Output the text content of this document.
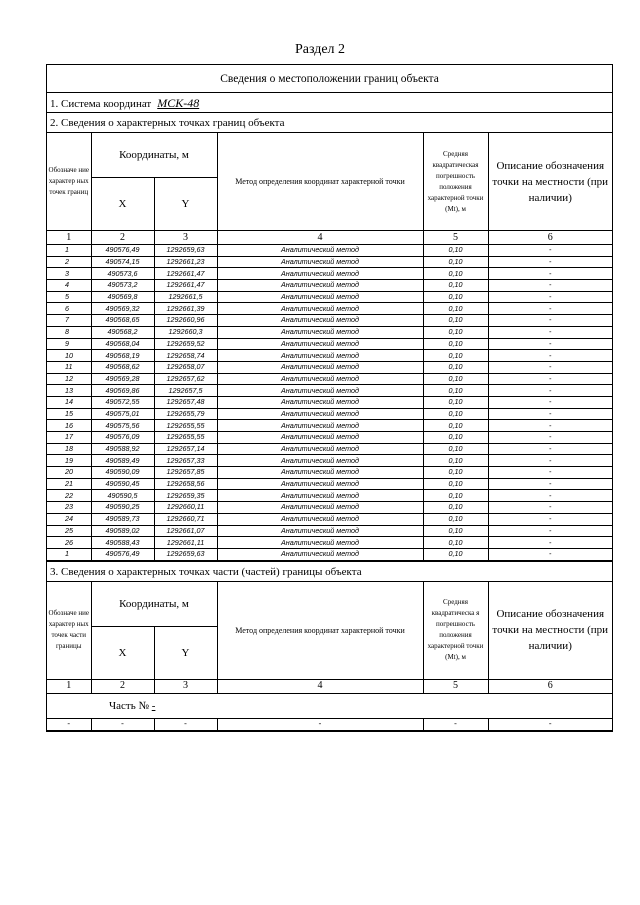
Раздел 2
Сведения о местоположении границ объекта
1. Система координат МСК-48
2. Сведения о характерных точках границ объекта
Обозначе ние характер ных точек границ	Координаты, м		Метод определения координат характерной точки	Средняя квадратическая погрешность положения характерной точки (Mt), м	Описание обозначения точки на местности (при наличии)
	X	Y			
1	2	3	4	5	6
1	490576,49	1292659,63	Аналитический метод	0,10	-
2	490574,15	1292661,23	Аналитический метод	0,10	-
3	490573,6	1292661,47	Аналитический метод	0,10	-
4	490573,2	1292661,47	Аналитический метод	0,10	-
5	490569,8	1292661,5	Аналитический метод	0,10	-
6	490569,32	1292661,39	Аналитический метод	0,10	-
7	490568,65	1292660,96	Аналитический метод	0,10	-
8	490568,2	1292660,3	Аналитический метод	0,10	-
9	490568,04	1292659,52	Аналитический метод	0,10	-
10	490568,19	1292658,74	Аналитический метод	0,10	-
11	490568,62	1292658,07	Аналитический метод	0,10	-
12	490569,28	1292657,62	Аналитический метод	0,10	-
13	490569,86	1292657,5	Аналитический метод	0,10	-
14	490572,55	1292657,48	Аналитический метод	0,10	-
15	490575,01	1292655,79	Аналитический метод	0,10	-
16	490575,56	1292655,55	Аналитический метод	0,10	-
17	490576,09	1292655,55	Аналитический метод	0,10	-
18	490588,92	1292657,14	Аналитический метод	0,10	-
19	490589,49	1292657,33	Аналитический метод	0,10	-
20	490590,09	1292657,85	Аналитический метод	0,10	-
21	490590,45	1292658,56	Аналитический метод	0,10	-
22	490590,5	1292659,35	Аналитический метод	0,10	-
23	490590,25	1292660,11	Аналитический метод	0,10	-
24	490589,73	1292660,71	Аналитический метод	0,10	-
25	490589,02	1292661,07	Аналитический метод	0,10	-
26	490588,43	1292661,11	Аналитический метод	0,10	-
1	490576,49	1292659,63	Аналитический метод	0,10	-
3. Сведения о характерных точках части (частей) границы объекта
Обозначе ние характер ных точек части границы	Координаты, м		Метод определения координат характерной точки	Средняя квадратическа я погрешность положения характерной точки (Mt), м	Описание обозначения точки на местности (при наличии)
	X	Y			
1	2	3	4	5	6
Часть № -					
-	-	-	-	-	-
